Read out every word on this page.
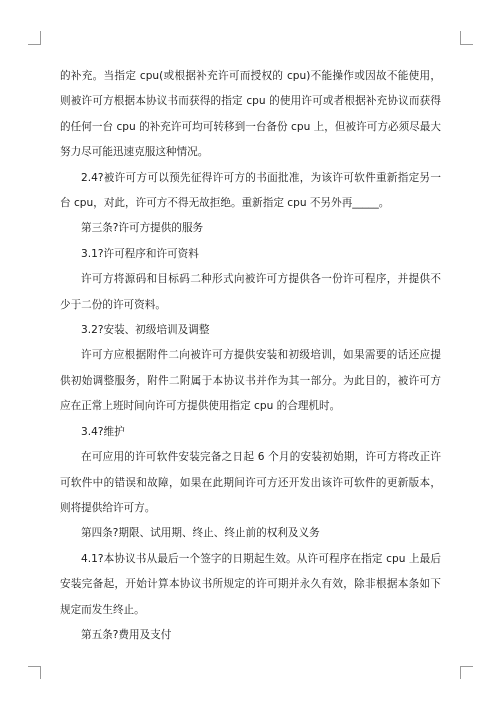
的补充。当指定 cpu(或根据补充许可而授权的 cpu)不能操作或因故不能使用，则被许可方根据本协议书而获得的指定 cpu 的使用许可或者根据补充协议而获得的任何一台 cpu 的补充许可均可转移到一台备份 cpu 上，但被许可方必须尽最大努力尽可能迅速克服这种情况。

2.4?被许可方可以预先征得许可方的书面批准，为该许可软件重新指定另一台 cpu，对此，许可方不得无故拒绝。重新指定 cpu 不另外再_____。

第三条?许可方提供的服务

3.1?许可程序和许可资料

许可方将源码和目标码二种形式向被许可方提供各一份许可程序，并提供不少于二份的许可资料。

3.2?安装、初级培训及调整

许可方应根据附件二向被许可方提供安装和初级培训，如果需要的话还应提供初始调整服务，附件二附属于本协议书并作为其一部分。为此目的，被许可方应在正常上班时间向许可方提供使用指定 cpu 的合理机时。

3.4?维护

在可应用的许可软件安装完备之日起 6 个月的安装初始期，许可方将改正许可软件中的错误和故障，如果在此期间许可方还开发出该许可软件的更新版本，则将提供给许可方。

第四条?期限、试用期、终止、终止前的权利及义务

4.1?本协议书从最后一个签字的日期起生效。从许可程序在指定 cpu 上最后安装完备起，开始计算本协议书所规定的许可期并永久有效，除非根据本条如下规定而发生终止。

第五条?费用及支付
